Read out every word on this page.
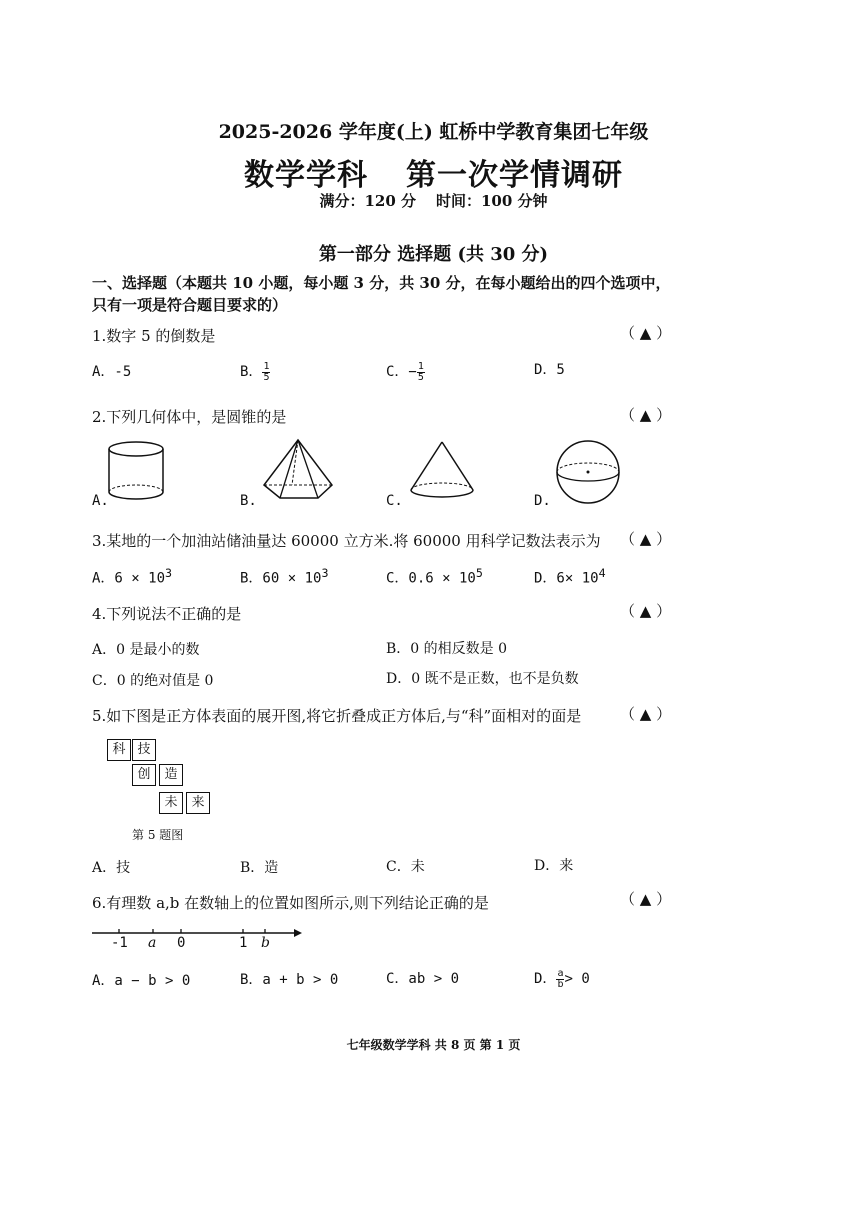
2025-2026 学年度(上) 虹桥中学教育集团七年级
数学学科 第一次学情调研
满分：120 分 时间：100 分钟
第一部分 选择题 (共 30 分)
一、选择题（本题共 10 小题，每小题 3 分，共 30 分，在每小题给出的四个选项中，只有一项是符合题目要求的）
1.数字 5 的倒数是	（ ▲ ）
A．-5	B． $\frac{1}{5}$	C．− $\frac{1}{5}$	D．5
2.下列几何体中，是圆锥的是	（ ▲ ）
A.	B.	C.	D.
3.某地的一个加油站储油量达 60000 立方米.将 60000 用科学记数法表示为 （ ▲ ）
A．$6 \times 10^3$	B．$60 \times 10^3$	C．$0.6 \times 10^5$	D．$6\times 10^4$
4.下列说法不正确的是	（ ▲ ）
A．0 是最小的数	B．0 的相反数是 0
C．0 的绝对值是 0	D．0 既不是正数，也不是负数
5.如下图是正方体表面的展开图,将它折叠成正方体后,与“科”面相对的面是	（ ▲ ）
科 技
创	造
未	来
第 5 题图
A．技	B．造	C．未	D．来
6.有理数 a,b 在数轴上的位置如图所示,则下列结论正确的是	（ ▲ ）
-1 a 0	1 b
A．a − b > 0	B．a + b > 0	C．ab > 0	D． $\frac{a}{b} > 0$
七年级数学学科 共 8 页 第 1 页
